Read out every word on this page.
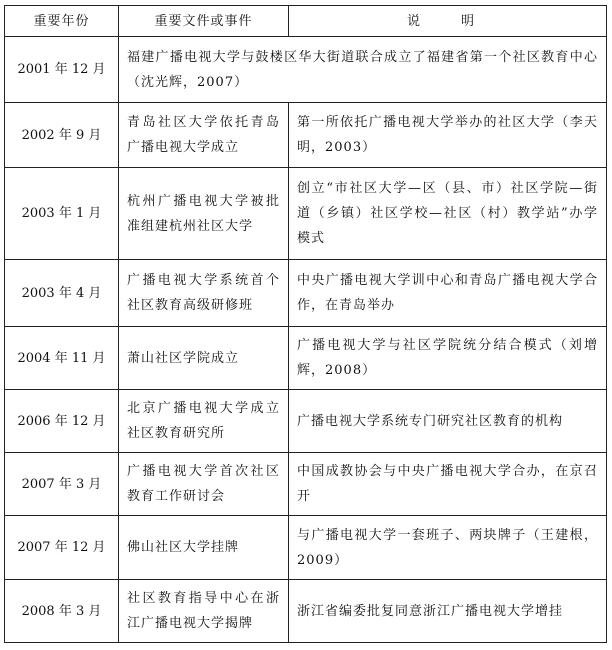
重要年份	重要文件或事件	说　明
2001 年 12 月	福建广播电视大学与鼓楼区华大街道联合成立了福建省第一个社区教育中心（沈光辉，2007）	
2002 年 9 月	青岛社区大学依托青岛广播电视大学成立	第一所依托广播电视大学举办的社区大学（李天明，2003）
2003 年 1 月	杭州广播电视大学被批准组建杭州社区大学	创立“市社区大学—区（县、市）社区学院—街道（乡镇）社区学校—社区（村）教学站”办学模式
2003 年 4 月	广播电视大学系统首个社区教育高级研修班	中央广播电视大学训中心和青岛广播电视大学合作，在青岛举办
2004 年 11 月	萧山社区学院成立	广播电视大学与社区学院统分结合模式（刘增辉，2008）
2006 年 12 月	北京广播电视大学成立社区教育研究所	广播电视大学系统专门研究社区教育的机构
2007 年 3 月	广播电视大学首次社区教育工作研讨会	中国成教协会与中央广播电视大学合办，在京召开
2007 年 12 月	佛山社区大学挂牌	与广播电视大学一套班子、两块牌子（王建根，2009）
2008 年 3 月	社区教育指导中心在浙江广播电视大学揭牌	浙江省编委批复同意浙江广播电视大学增挂
